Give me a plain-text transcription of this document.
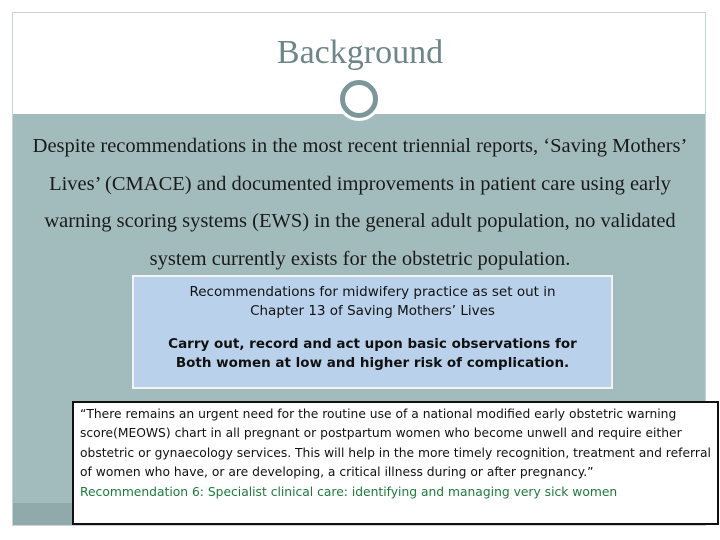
Background
Despite recommendations in the most recent triennial reports, ‘Saving Mothers’ Lives’ (CMACE) and documented improvements in patient care using early warning scoring systems (EWS) in the general adult population, no validated system currently exists for the obstetric population.
Recommendations for midwifery practice as set out in
Chapter 13 of Saving Mothers’ Lives
Carry out, record and act upon basic observations for
Both women at low and higher risk of complication.
“There remains an urgent need for the routine use of a national modified early obstetric warning score(MEOWS) chart in all pregnant or postpartum women who become unwell and require either obstetric or gynaecology services. This will help in the more timely recognition, treatment and referral of women who have, or are developing, a critical illness during or after pregnancy.”
Recommendation 6: Specialist clinical care: identifying and managing very sick women
